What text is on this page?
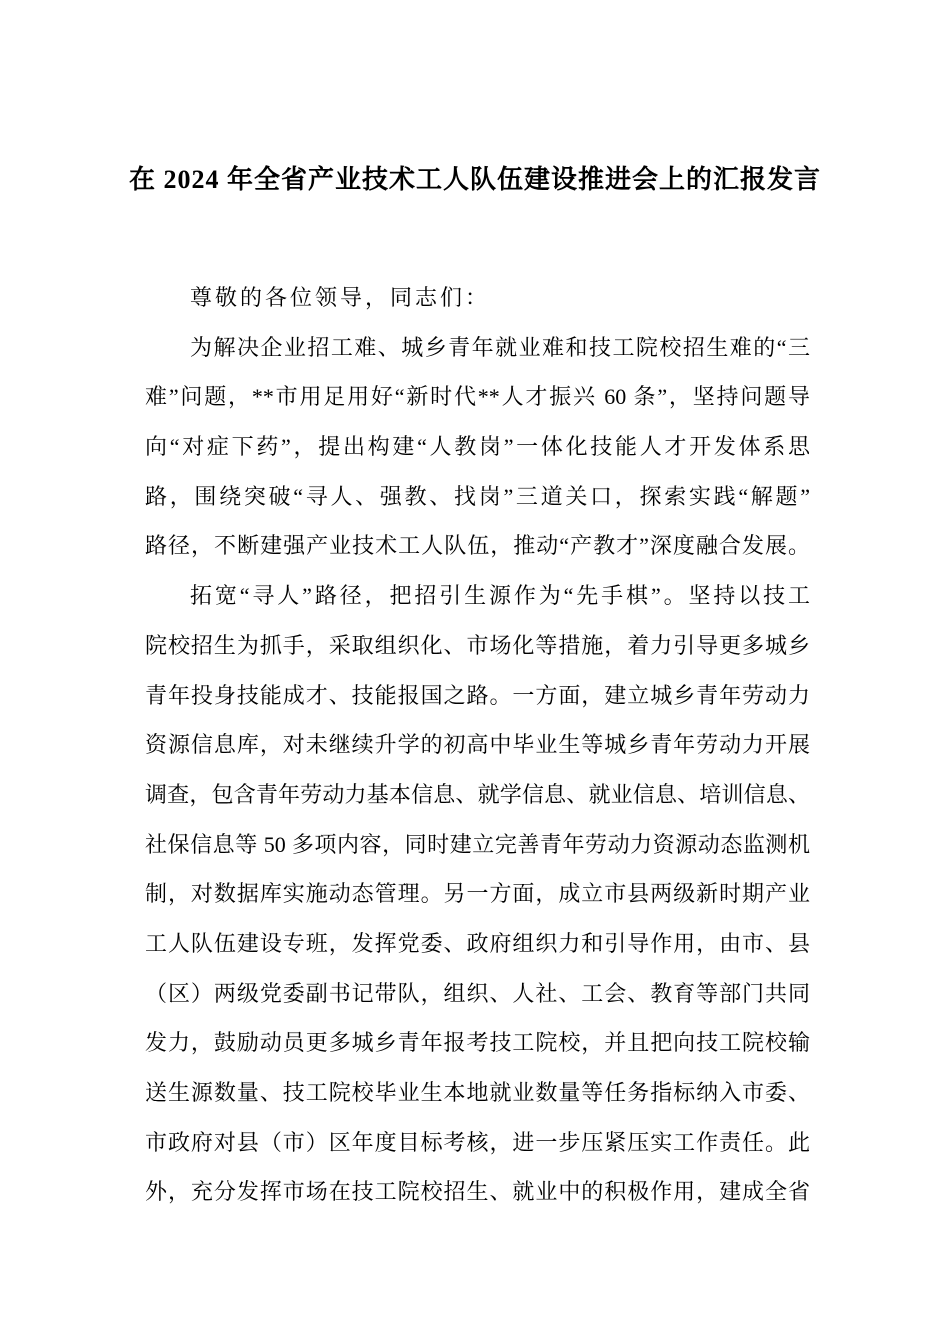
在 2024 年全省产业技术工人队伍建设推进会上的汇报发言
尊敬的各位领导，同志们：
为解决企业招工难、城乡青年就业难和技工院校招生难的“三
难”问题，**市用足用好“新时代**人才振兴 60 条”，坚持问题导
向“对症下药”，提出构建“人教岗”一体化技能人才开发体系思
路，围绕突破“寻人、强教、找岗”三道关口，探索实践“解题”
路径，不断建强产业技术工人队伍，推动“产教才”深度融合发展。
拓宽“寻人”路径，把招引生源作为“先手棋”。坚持以技工
院校招生为抓手，采取组织化、市场化等措施，着力引导更多城乡
青年投身技能成才、技能报国之路。一方面，建立城乡青年劳动力
资源信息库，对未继续升学的初高中毕业生等城乡青年劳动力开展
调查，包含青年劳动力基本信息、就学信息、就业信息、培训信息、
社保信息等 50 多项内容，同时建立完善青年劳动力资源动态监测机
制，对数据库实施动态管理。另一方面，成立市县两级新时期产业
工人队伍建设专班，发挥党委、政府组织力和引导作用，由市、县
（区）两级党委副书记带队，组织、人社、工会、教育等部门共同
发力，鼓励动员更多城乡青年报考技工院校，并且把向技工院校输
送生源数量、技工院校毕业生本地就业数量等任务指标纳入市委、
市政府对县（市）区年度目标考核，进一步压紧压实工作责任。此
外，充分发挥市场在技工院校招生、就业中的积极作用，建成全省
